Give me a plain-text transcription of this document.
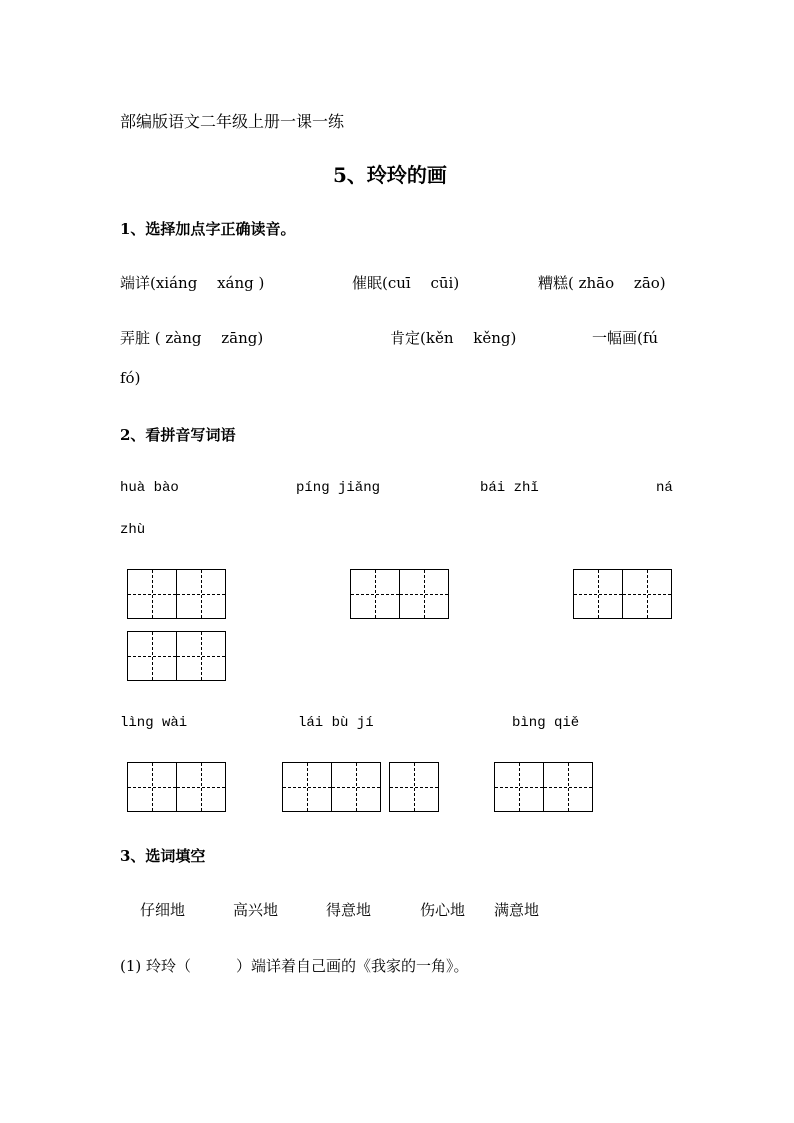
部编版语文二年级上册一课一练
5、玲玲的画
1、选择加点字正确读音。
端详(xiáng　 xáng )	催眠(cuī　 cūi)	糟糕( zhāo　 zāo)
弄脏 ( zàng　 zāng)	肯定(kěn　 kěng)	一幅画(fú
fó)
2、看拼音写词语
huà bào	píng jiǎng	bái zhǐ	ná
zhù
lìng wài	lái bù jí	bìng qiě
3、选词填空
仔细地	高兴地	得意地	伤心地 满意地
(1) 玲玲（　　　）端详着自己画的《我家的一角》。
